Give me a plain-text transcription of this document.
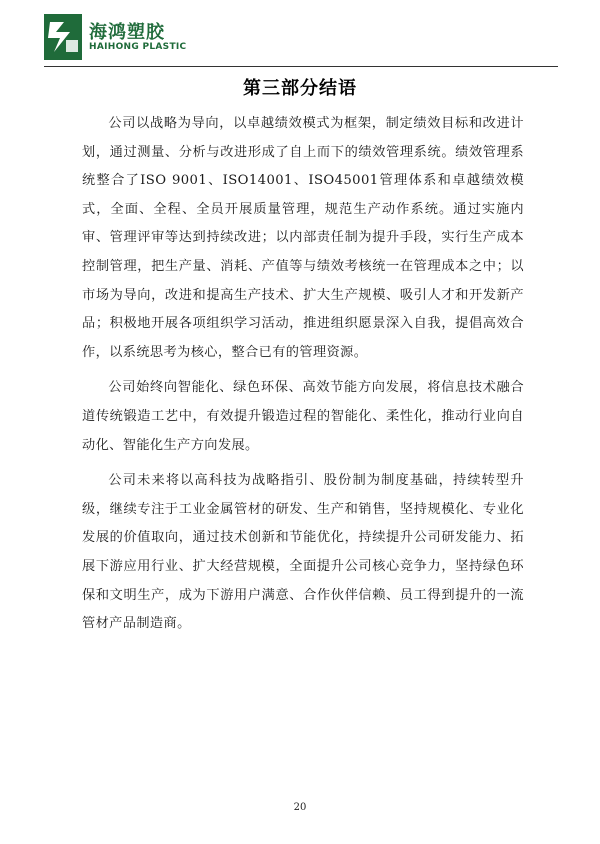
海鸿塑胶
HAIHONG PLASTIC
第三部分结语

公司以战略为导向，以卓越绩效模式为框架，制定绩效目标和改进计划，通过测量、分析与改进形成了自上而下的绩效管理系统。绩效管理系统整合了ISO 9001、ISO14001、ISO45001管理体系和卓越绩效模式，全面、全程、全员开展质量管理，规范生产动作系统。通过实施内审、管理评审等达到持续改进；以内部责任制为提升手段，实行生产成本控制管理，把生产量、消耗、产值等与绩效考核统一在管理成本之中；以市场为导向，改进和提高生产技术、扩大生产规模、吸引人才和开发新产品；积极地开展各项组织学习活动，推进组织愿景深入自我，提倡高效合作，以系统思考为核心，整合已有的管理资源。

公司始终向智能化、绿色环保、高效节能方向发展，将信息技术融合道传统锻造工艺中，有效提升锻造过程的智能化、柔性化，推动行业向自动化、智能化生产方向发展。

公司未来将以高科技为战略指引、股份制为制度基础，持续转型升级，继续专注于工业金属管材的研发、生产和销售，坚持规模化、专业化发展的价值取向，通过技术创新和节能优化，持续提升公司研发能力、拓展下游应用行业、扩大经营规模，全面提升公司核心竞争力，坚持绿色环保和文明生产，成为下游用户满意、合作伙伴信赖、员工得到提升的一流管材产品制造商。

20
